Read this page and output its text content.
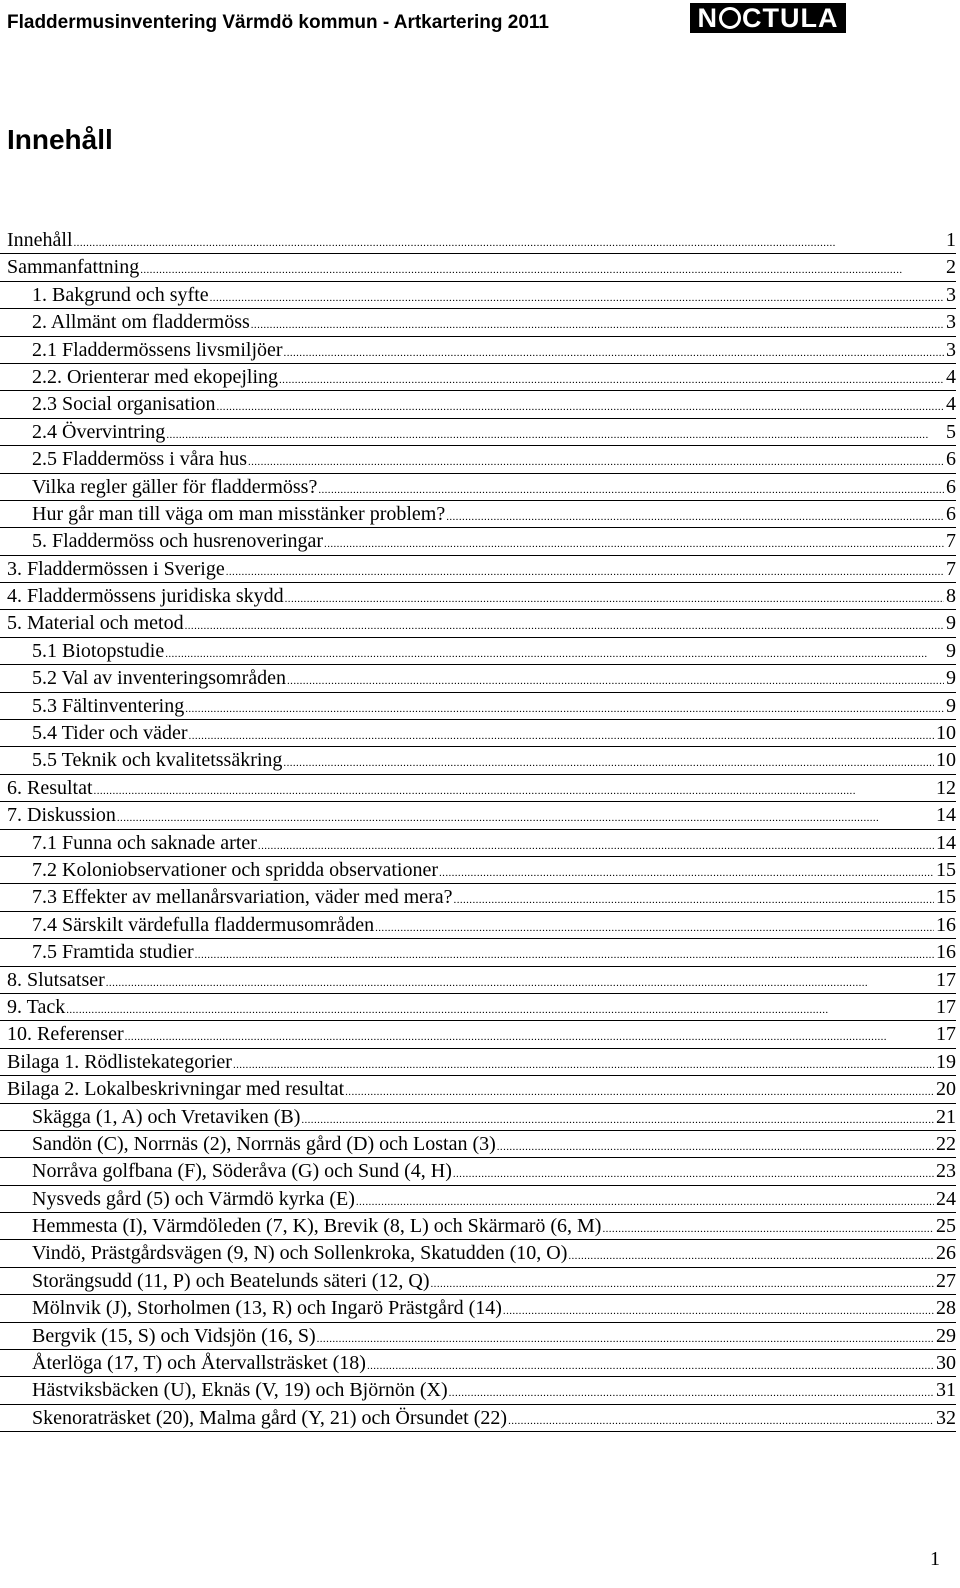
Fladdermusinventering Värmdö kommun - Artkartering 2011	N CTULA
Innehåll
Innehåll .....	1
Sammanfattning .....	2
1. Bakgrund och syfte .....	3
2. Allmänt om fladdermöss .....	3
2.1 Fladdermössens livsmiljöer .....	3
2.2. Orienterar med ekopejling .....	4
2.3 Social organisation .....	4
2.4 Övervintring .....	5
2.5 Fladdermöss i våra hus .....	6
Vilka regler gäller för fladdermöss? .....	6
Hur går man till väga om man misstänker problem? .....	6
5. Fladdermöss och husrenoveringar .....	7
3. Fladdermössen i Sverige .....	7
4. Fladdermössens juridiska skydd .....	8
5. Material och metod .....	9
5.1 Biotopstudie .....	9
5.2 Val av inventeringsområden .....	9
5.3 Fältinventering .....	9
5.4 Tider och väder .....	10
5.5 Teknik och kvalitetssäkring .....	10
6. Resultat .....	12
7. Diskussion .....	14
7.1 Funna och saknade arter .....	14
7.2 Koloniobservationer och spridda observationer .....	15
7.3 Effekter av mellanårsvariation, väder med mera? .....	15
7.4 Särskilt värdefulla fladdermusområden .....	16
7.5 Framtida studier .....	16
8. Slutsatser .....	17
9. Tack .....	17
10. Referenser .....	17
Bilaga 1. Rödlistekategorier .....	19
Bilaga 2. Lokalbeskrivningar med resultat .....	20
Skägga (1, A) och Vretaviken (B) .....	21
Sandön (C), Norrnäs (2), Norrnäs gård (D) och Lostan (3) .....	22
Norråva golfbana (F), Söderåva (G) och Sund (4, H) .....	23
Nysveds gård (5) och Värmdö kyrka (E) .....	24
Hemmesta (I), Värmdöleden (7, K), Brevik (8, L) och Skärmarö (6, M) .....	25
Vindö, Prästgårdsvägen (9, N) och Sollenkroka, Skatudden (10, O) .....	26
Storängsudd (11, P) och Beatelunds säteri (12, Q) .....	27
Mölnvik (J), Storholmen (13, R) och Ingarö Prästgård (14) .....	28
Bergvik (15, S) och Vidsjön (16, S) .....	29
Återlöga (17, T) och Återvallsträsket (18) .....	30
Hästviksbäcken (U), Eknäs (V, 19) och Björnön (X) .....	31
Skenoraträsket (20), Malma gård (Y, 21) och Örsundet (22) .....	32
1
